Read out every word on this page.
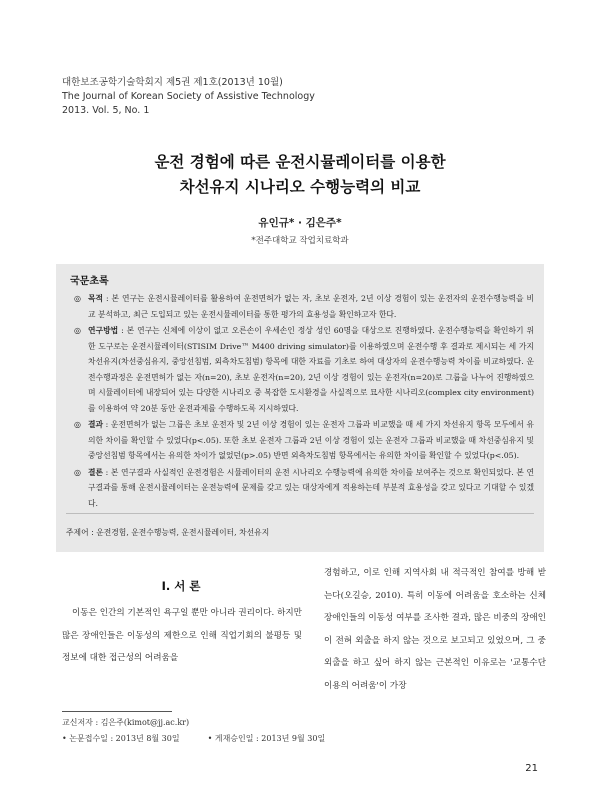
대한보조공학기술학회지 제5권 제1호(2013년 10월)
The Journal of Korean Society of Assistive Technology
2013. Vol. 5, No. 1
운전 경험에 따른 운전시뮬레이터를 이용한
차선유지 시나리오 수행능력의 비교
유인규* · 김은주*
*전주대학교 작업치료학과
국문초록
◎ 목적 : 본 연구는 운전시뮬레이터를 활용하여 운전면허가 없는 자, 초보 운전자, 2년 이상 경험이 있는 운전자의 운전수행능력을 비교 분석하고, 최근 도입되고 있는 운전시뮬레이터를 통한 평가의 효용성을 확인하고자 한다.
◎ 연구방법 : 본 연구는 신체에 이상이 없고 오른손이 우세손인 정상 성인 60명을 대상으로 진행하였다. 운전수행능력을 확인하기 위한 도구로는 운전시뮬레이터(STISIM Drive™ M400 driving simulator)를 이용하였으며 운전수행 후 결과로 제시되는 세 가지 차선유지(차선중심유지, 중앙선침범, 외측차도침범) 항목에 대한 자료를 기초로 하여 대상자의 운전수행능력 차이를 비교하였다. 운전수행과정은 운전면허가 없는 자(n=20), 초보 운전자(n=20), 2년 이상 경험이 있는 운전자(n=20)로 그룹을 나누어 진행하였으며 시뮬레이터에 내장되어 있는 다양한 시나리오 중 복잡한 도시환경을 사실적으로 묘사한 시나리오(complex city environment)를 이용하여 약 20분 동안 운전과제를 수행하도록 지시하였다.
◎ 결과 : 운전면허가 없는 그룹은 초보 운전자 및 2년 이상 경험이 있는 운전자 그룹과 비교했을 때 세 가지 차선유지 항목 모두에서 유의한 차이를 확인할 수 있었다(p<.05). 또한 초보 운전자 그룹과 2년 이상 경험이 있는 운전자 그룹과 비교했을 때 차선중심유지 및 중앙선침범 항목에서는 유의한 차이가 없었던(p>.05) 반면 외측차도침범 항목에서는 유의한 차이를 확인할 수 있었다(p<.05).
◎ 결론 : 본 연구결과 사실적인 운전경험은 시뮬레이터의 운전 시나리오 수행능력에 유의한 차이를 보여주는 것으로 확인되었다. 본 연구결과를 통해 운전시뮬레이터는 운전능력에 문제를 갖고 있는 대상자에게 적용하는데 부분적 효용성을 갖고 있다고 기대할 수 있겠다.
주제어 : 운전경험, 운전수행능력, 운전시뮬레이터, 차선유지
I. 서 론
이동은 인간의 기본적인 욕구일 뿐만 아니라 권리이다. 하지만 많은 장애인들은 이동성의 제한으로 인해 직업기회의 불평등 및 정보에 대한 접근성의 어려움을
경험하고, 이로 인해 지역사회 내 적극적인 참여를 방해 받는다(오길승, 2010). 특히 이동에 어려움을 호소하는 신체 장애인들의 이동성 여부를 조사한 결과, 많은 비중의 장애인이 전혀 외출을 하지 않는 것으로 보고되고 있었으며, 그 중 외출을 하고 싶어 하지 않는 근본적인 이유로는 '교통수단 이용의 어려움'이 가장
교신저자 : 김은주(kimot@jj.ac.kr)
• 논문접수일 : 2013년 8월 30일	• 게재승인일 : 2013년 9월 30일
21
